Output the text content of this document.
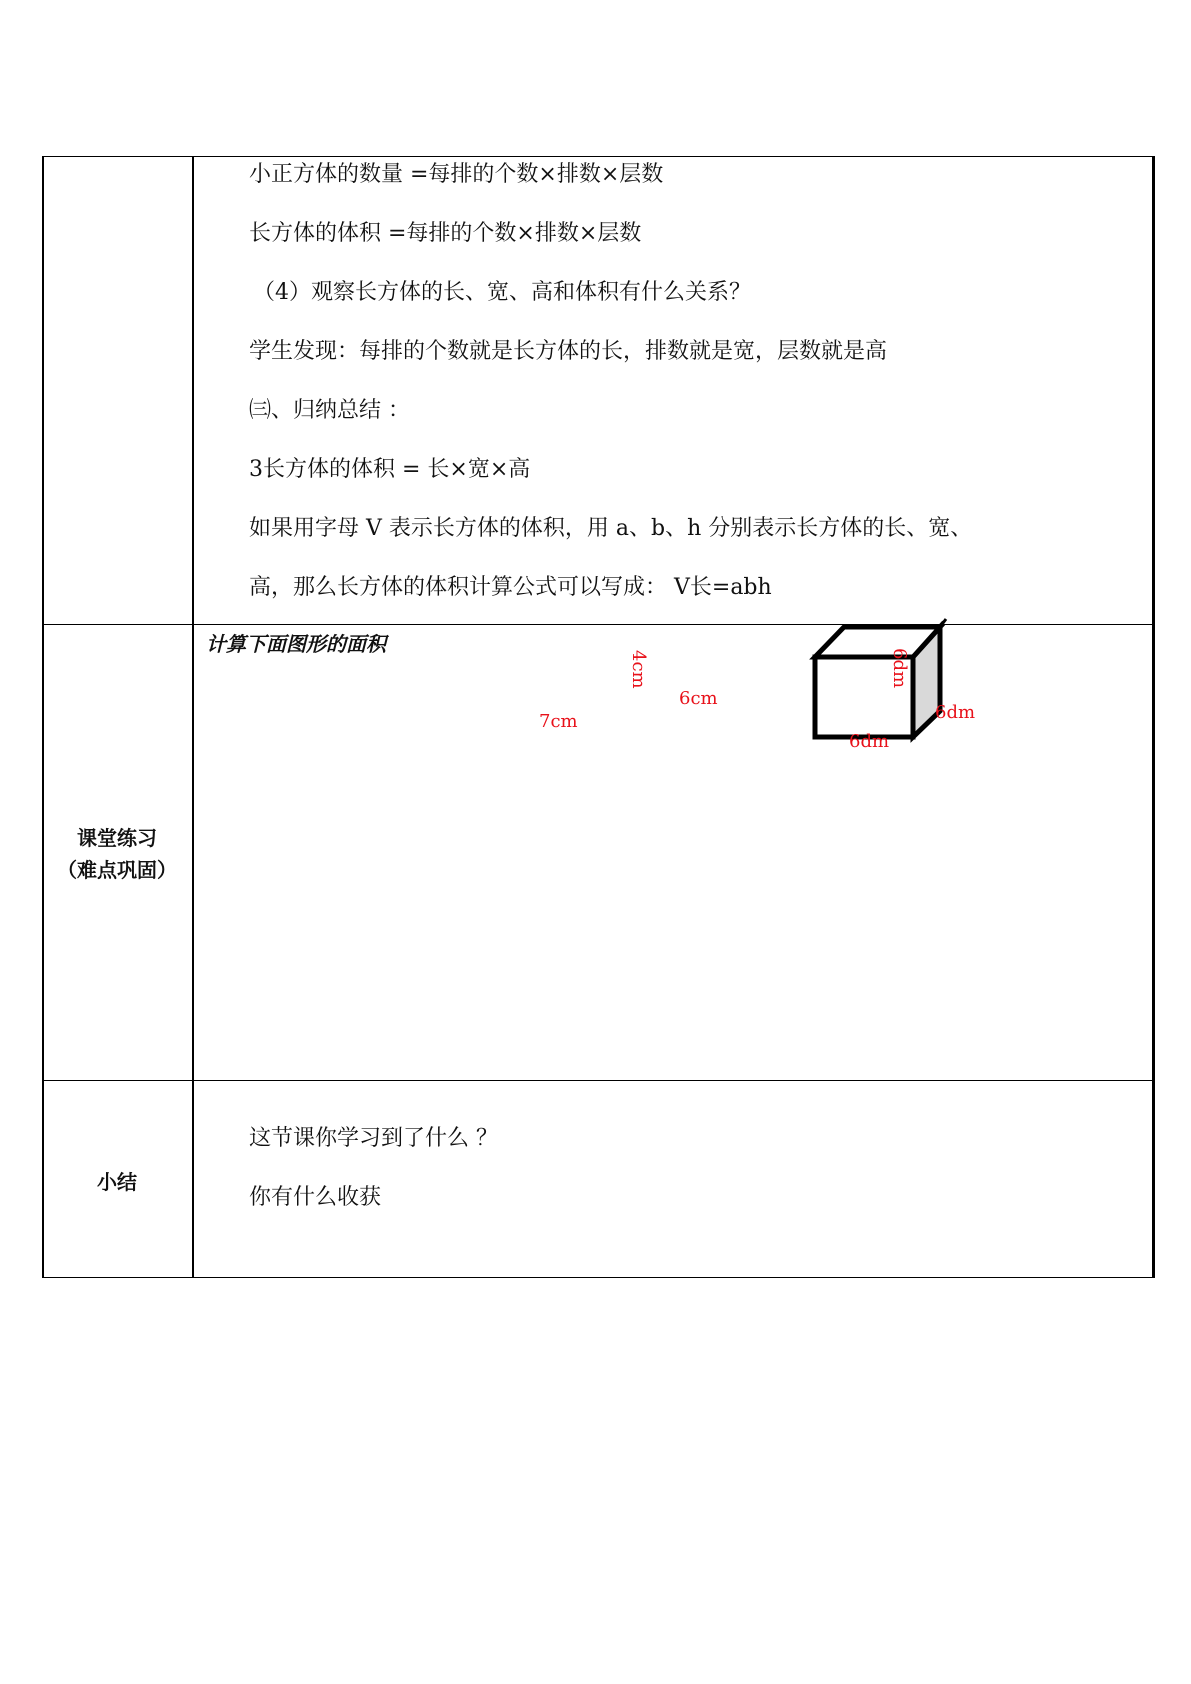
小正方体的数量 =每排的个数×排数×层数
长方体的体积 =每排的个数×排数×层数
（4）观察长方体的长、宽、高和体积有什么关系？
学生发现：每排的个数就是长方体的长，排数就是宽，层数就是高
㈢、归纳总结 ：
3长方体的体积 = 长×宽×高
如果用字母 V 表示长方体的体积，用 a、b、h 分别表示长方体的长、宽、
高，那么长方体的体积计算公式可以写成： V长=abh
课堂练习
（难点巩固）
计算下面图形的面积
4cm
6cm
7cm
6dm
6dm
6dm
小结
这节课你学习到了什么 ？
你有什么收获
